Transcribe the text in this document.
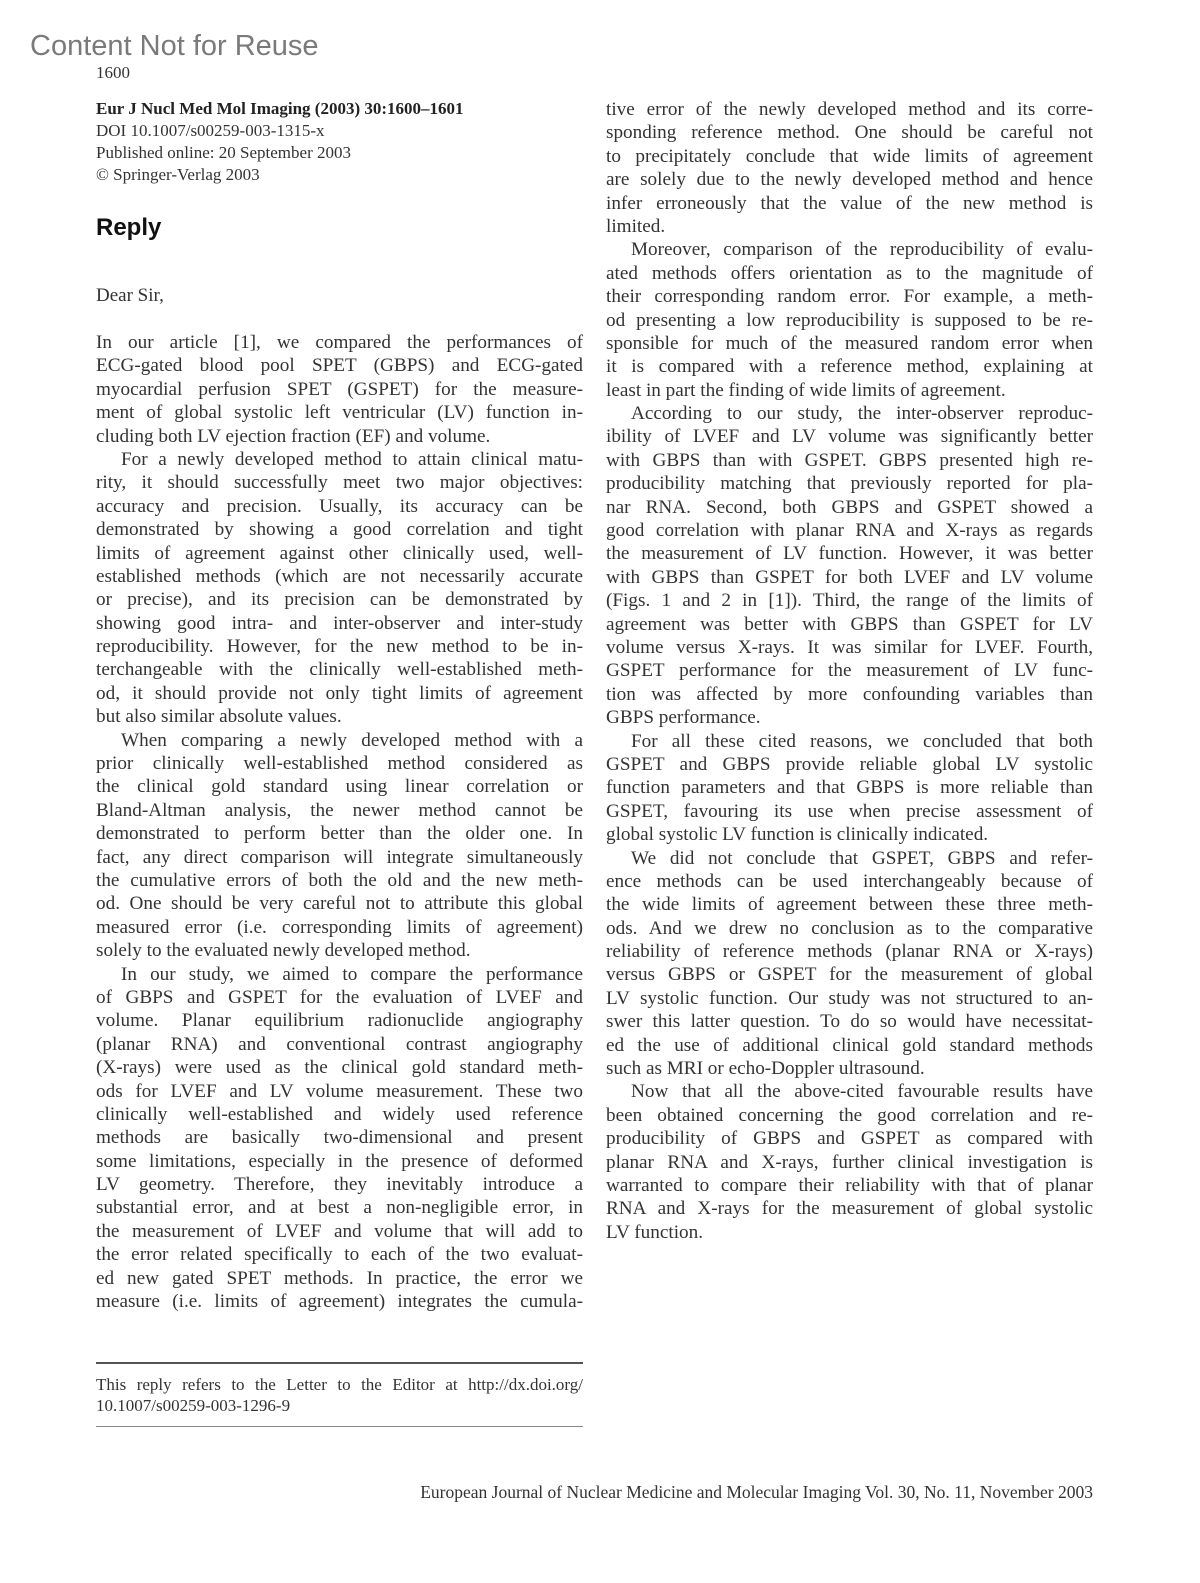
Content Not for Reuse
1600
Eur J Nucl Med Mol Imaging (2003) 30:1600–1601
DOI 10.1007/s00259-003-1315-x
Published online: 20 September 2003
© Springer-Verlag 2003
Reply
Dear Sir,
In our article [1], we compared the performances of
ECG-gated blood pool SPET (GBPS) and ECG-gated
myocardial perfusion SPET (GSPET) for the measure-
ment of global systolic left ventricular (LV) function in-
cluding both LV ejection fraction (EF) and volume.
For a newly developed method to attain clinical matu-
rity, it should successfully meet two major objectives:
accuracy and precision. Usually, its accuracy can be
demonstrated by showing a good correlation and tight
limits of agreement against other clinically used, well-
established methods (which are not necessarily accurate
or precise), and its precision can be demonstrated by
showing good intra- and inter-observer and inter-study
reproducibility. However, for the new method to be in-
terchangeable with the clinically well-established meth-
od, it should provide not only tight limits of agreement
but also similar absolute values.
When comparing a newly developed method with a
prior clinically well-established method considered as
the clinical gold standard using linear correlation or
Bland-Altman analysis, the newer method cannot be
demonstrated to perform better than the older one. In
fact, any direct comparison will integrate simultaneously
the cumulative errors of both the old and the new meth-
od. One should be very careful not to attribute this global
measured error (i.e. corresponding limits of agreement)
solely to the evaluated newly developed method.
In our study, we aimed to compare the performance
of GBPS and GSPET for the evaluation of LVEF and
volume. Planar equilibrium radionuclide angiography
(planar RNA) and conventional contrast angiography
(X-rays) were used as the clinical gold standard meth-
ods for LVEF and LV volume measurement. These two
clinically well-established and widely used reference
methods are basically two-dimensional and present
some limitations, especially in the presence of deformed
LV geometry. Therefore, they inevitably introduce a
substantial error, and at best a non-negligible error, in
the measurement of LVEF and volume that will add to
the error related specifically to each of the two evaluat-
ed new gated SPET methods. In practice, the error we
measure (i.e. limits of agreement) integrates the cumula-
tive error of the newly developed method and its corre-
sponding reference method. One should be careful not
to precipitately conclude that wide limits of agreement
are solely due to the newly developed method and hence
infer erroneously that the value of the new method is
limited.
Moreover, comparison of the reproducibility of evalu-
ated methods offers orientation as to the magnitude of
their corresponding random error. For example, a meth-
od presenting a low reproducibility is supposed to be re-
sponsible for much of the measured random error when
it is compared with a reference method, explaining at
least in part the finding of wide limits of agreement.
According to our study, the inter-observer reproduc-
ibility of LVEF and LV volume was significantly better
with GBPS than with GSPET. GBPS presented high re-
producibility matching that previously reported for pla-
nar RNA. Second, both GBPS and GSPET showed a
good correlation with planar RNA and X-rays as regards
the measurement of LV function. However, it was better
with GBPS than GSPET for both LVEF and LV volume
(Figs. 1 and 2 in [1]). Third, the range of the limits of
agreement was better with GBPS than GSPET for LV
volume versus X-rays. It was similar for LVEF. Fourth,
GSPET performance for the measurement of LV func-
tion was affected by more confounding variables than
GBPS performance.
For all these cited reasons, we concluded that both
GSPET and GBPS provide reliable global LV systolic
function parameters and that GBPS is more reliable than
GSPET, favouring its use when precise assessment of
global systolic LV function is clinically indicated.
We did not conclude that GSPET, GBPS and refer-
ence methods can be used interchangeably because of
the wide limits of agreement between these three meth-
ods. And we drew no conclusion as to the comparative
reliability of reference methods (planar RNA or X-rays)
versus GBPS or GSPET for the measurement of global
LV systolic function. Our study was not structured to an-
swer this latter question. To do so would have necessitat-
ed the use of additional clinical gold standard methods
such as MRI or echo-Doppler ultrasound.
Now that all the above-cited favourable results have
been obtained concerning the good correlation and re-
producibility of GBPS and GSPET as compared with
planar RNA and X-rays, further clinical investigation is
warranted to compare their reliability with that of planar
RNA and X-rays for the measurement of global systolic
LV function.
This reply refers to the Letter to the Editor at http://dx.doi.org/
10.1007/s00259-003-1296-9
European Journal of Nuclear Medicine and Molecular Imaging Vol. 30, No. 11, November 2003
